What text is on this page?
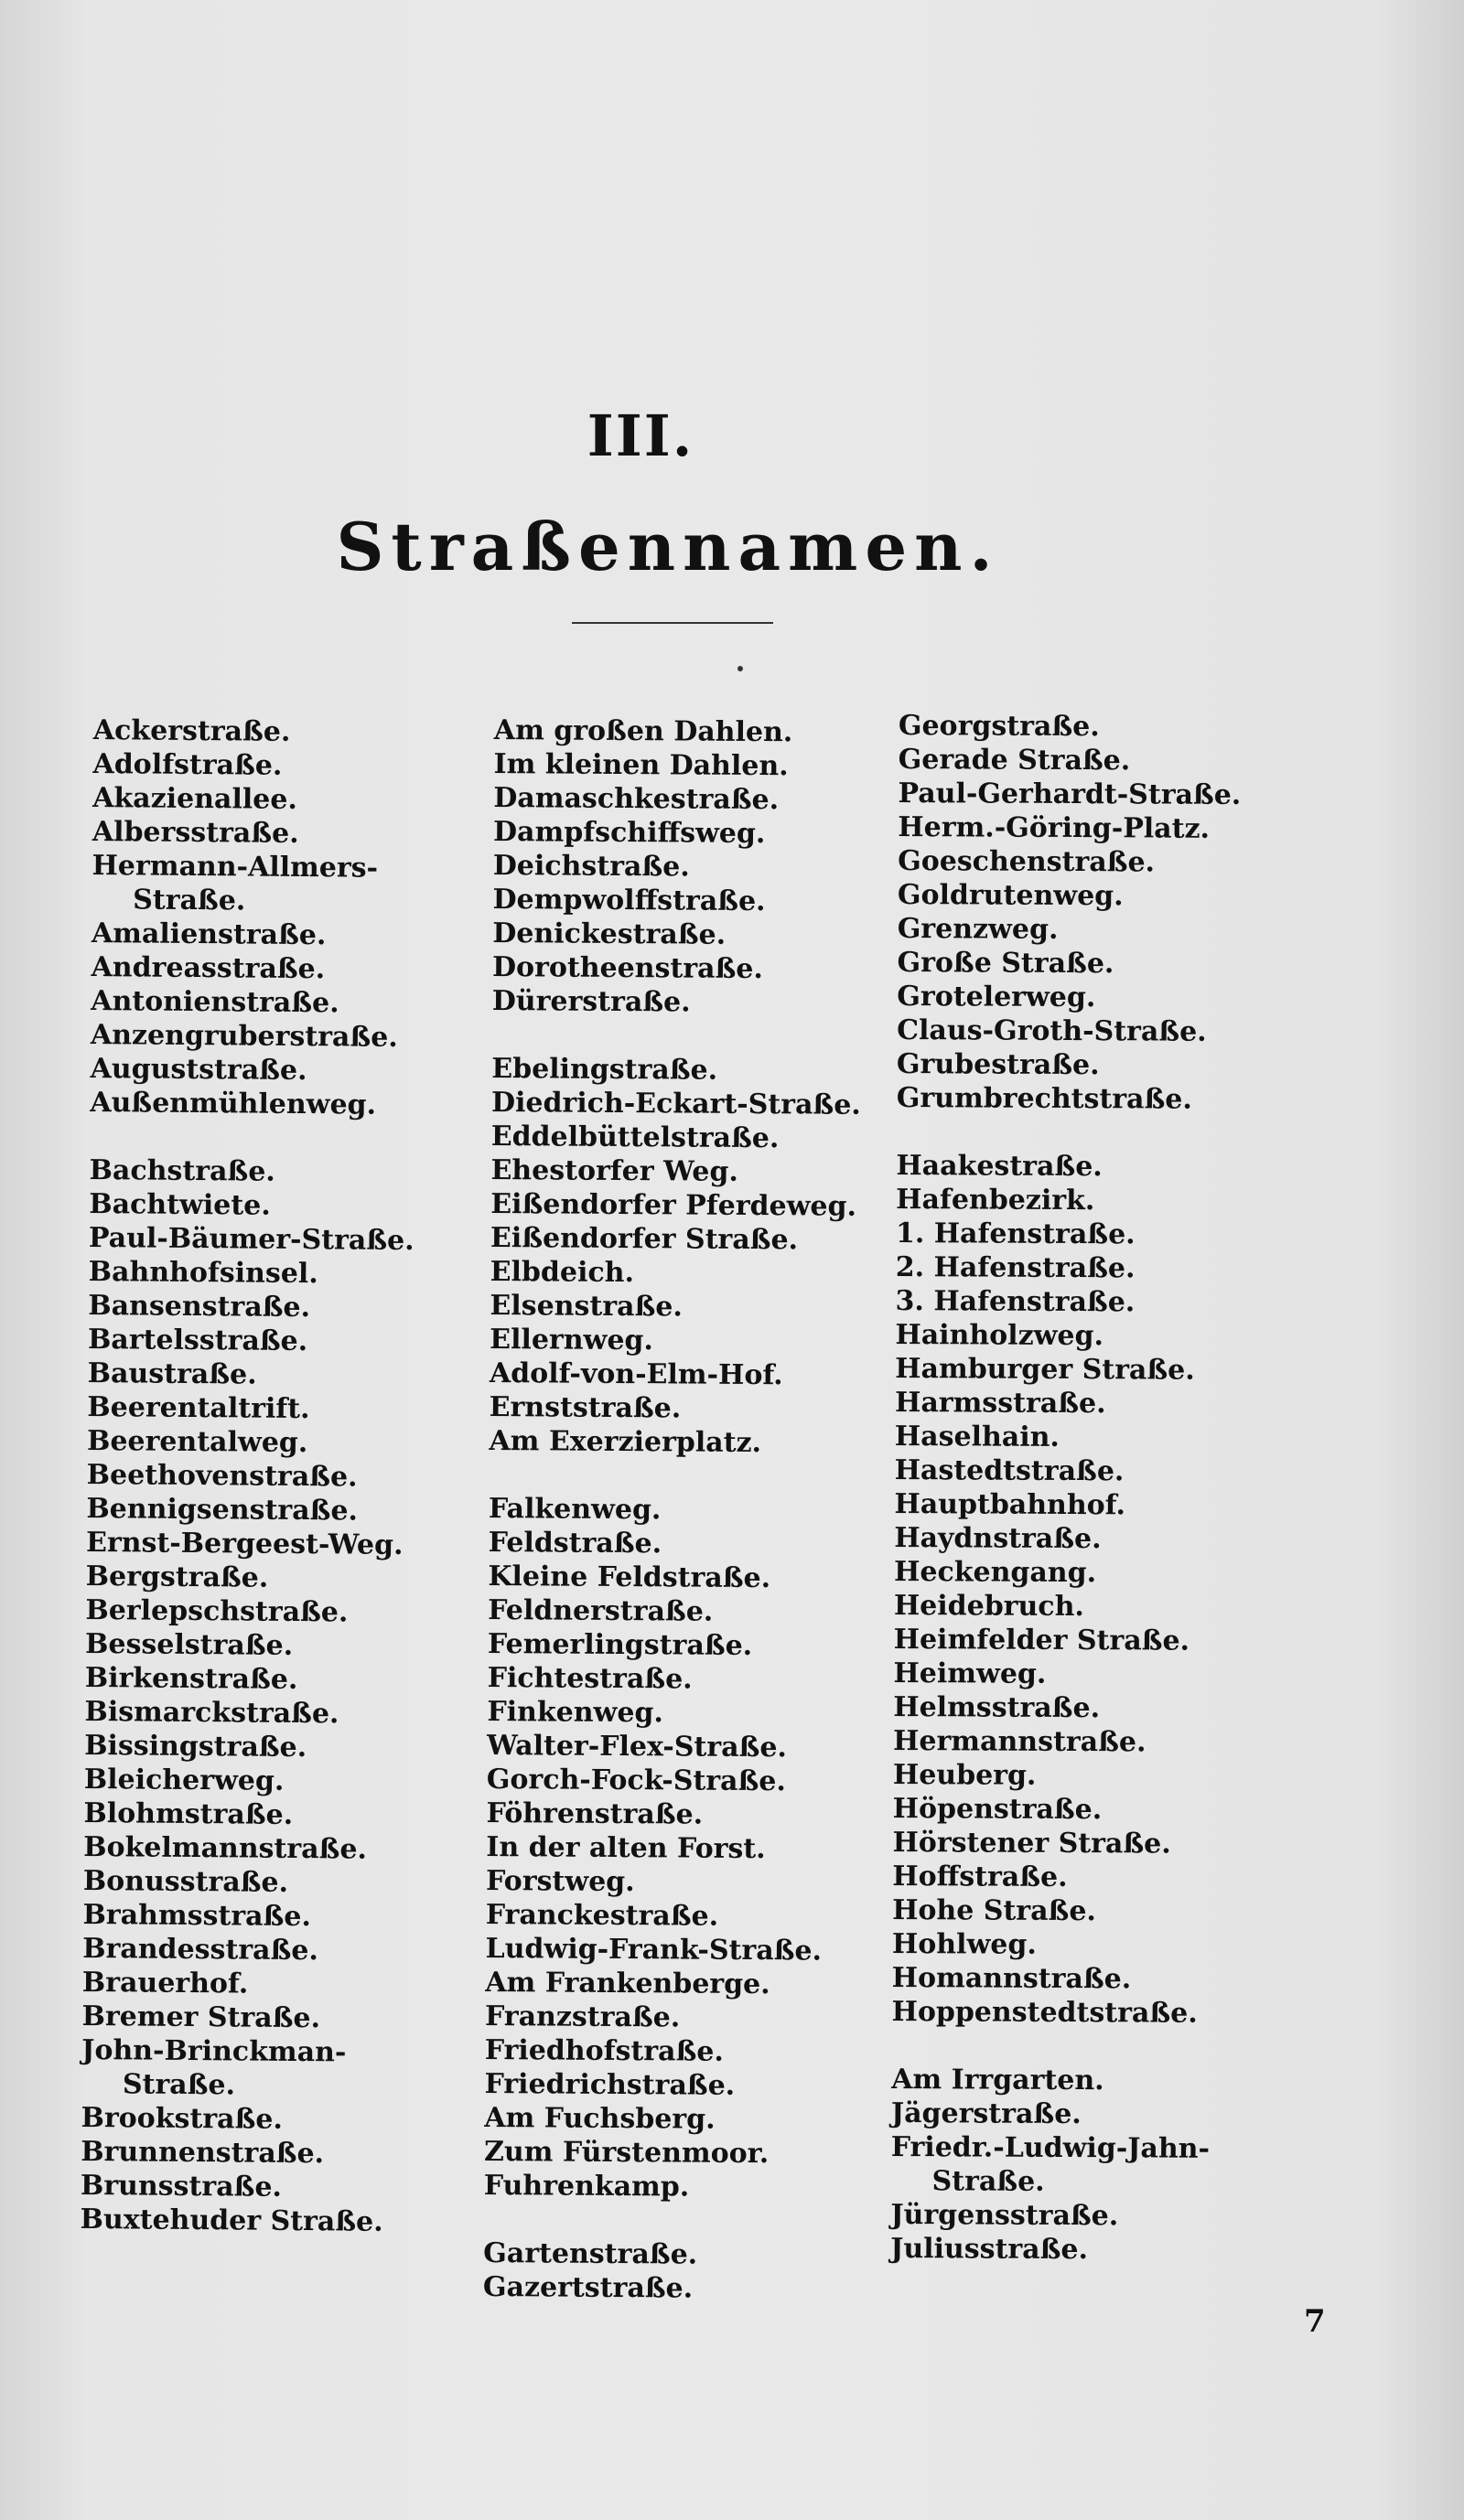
III.
Straßennamen.
Ackerstraße.
Adolfstraße.
Akazienallee.
Albersstraße.
Hermann-Allmers-
Straße.
Amalienstraße.
Andreasstraße.
Antonienstraße.
Anzengruberstraße.
Auguststraße.
Außenmühlenweg.
Bachstraße.
Bachtwiete.
Paul-Bäumer-Straße.
Bahnhofsinsel.
Bansenstraße.
Bartelsstraße.
Baustraße.
Beerentaltrift.
Beerentalweg.
Beethovenstraße.
Bennigsenstraße.
Ernst-Bergeest-Weg.
Bergstraße.
Berlepschstraße.
Besselstraße.
Birkenstraße.
Bismarckstraße.
Bissingstraße.
Bleicherweg.
Blohmstraße.
Bokelmannstraße.
Bonusstraße.
Brahmsstraße.
Brandesstraße.
Brauerhof.
Bremer Straße.
John-Brinckman-
Straße.
Brookstraße.
Brunnenstraße.
Brunsstraße.
Buxtehuder Straße.
Am großen Dahlen.
Im kleinen Dahlen.
Damaschkestraße.
Dampfschiffsweg.
Deichstraße.
Dempwolffstraße.
Denickestraße.
Dorotheenstraße.
Dürerstraße.
Ebelingstraße.
Diedrich-Eckart-Straße.
Eddelbüttelstraße.
Ehestorfer Weg.
Eißendorfer Pferdeweg.
Eißendorfer Straße.
Elbdeich.
Elsenstraße.
Ellernweg.
Adolf-von-Elm-Hof.
Ernststraße.
Am Exerzierplatz.
Falkenweg.
Feldstraße.
Kleine Feldstraße.
Feldnerstraße.
Femerlingstraße.
Fichtestraße.
Finkenweg.
Walter-Flex-Straße.
Gorch-Fock-Straße.
Föhrenstraße.
In der alten Forst.
Forstweg.
Franckestraße.
Ludwig-Frank-Straße.
Am Frankenberge.
Franzstraße.
Friedhofstraße.
Friedrichstraße.
Am Fuchsberg.
Zum Fürstenmoor.
Fuhrenkamp.
Gartenstraße.
Gazertstraße.
Georgstraße.
Gerade Straße.
Paul-Gerhardt-Straße.
Herm.-Göring-Platz.
Goeschenstraße.
Goldrutenweg.
Grenzweg.
Große Straße.
Grotelerweg.
Claus-Groth-Straße.
Grubestraße.
Grumbrechtstraße.
Haakestraße.
Hafenbezirk.
1. Hafenstraße.
2. Hafenstraße.
3. Hafenstraße.
Hainholzweg.
Hamburger Straße.
Harmsstraße.
Haselhain.
Hastedtstraße.
Hauptbahnhof.
Haydnstraße.
Heckengang.
Heidebruch.
Heimfelder Straße.
Heimweg.
Helmsstraße.
Hermannstraße.
Heuberg.
Höpenstraße.
Hörstener Straße.
Hoffstraße.
Hohe Straße.
Hohlweg.
Homannstraße.
Hoppenstedtstraße.
Am Irrgarten.
Jägerstraße.
Friedr.-Ludwig-Jahn-
Straße.
Jürgensstraße.
Juliusstraße.
7
